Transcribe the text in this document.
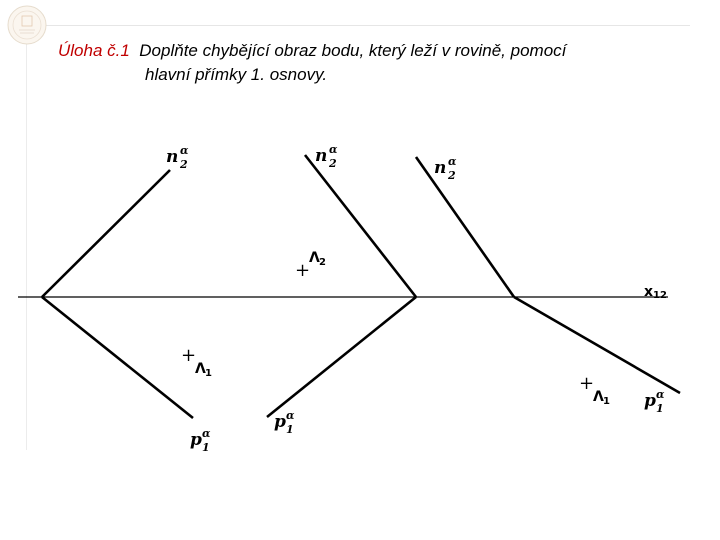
Úloha č.1 Doplňte chybějící obraz bodu, který leží v rovině, pomocí
hlavní přímky 1. osnovy.
x12
n 2
α	n 2
α
n 2
α
p 1
α
p 1
α
p 1
α
+
Λ 2
+
Λ 1	+
Λ 1
